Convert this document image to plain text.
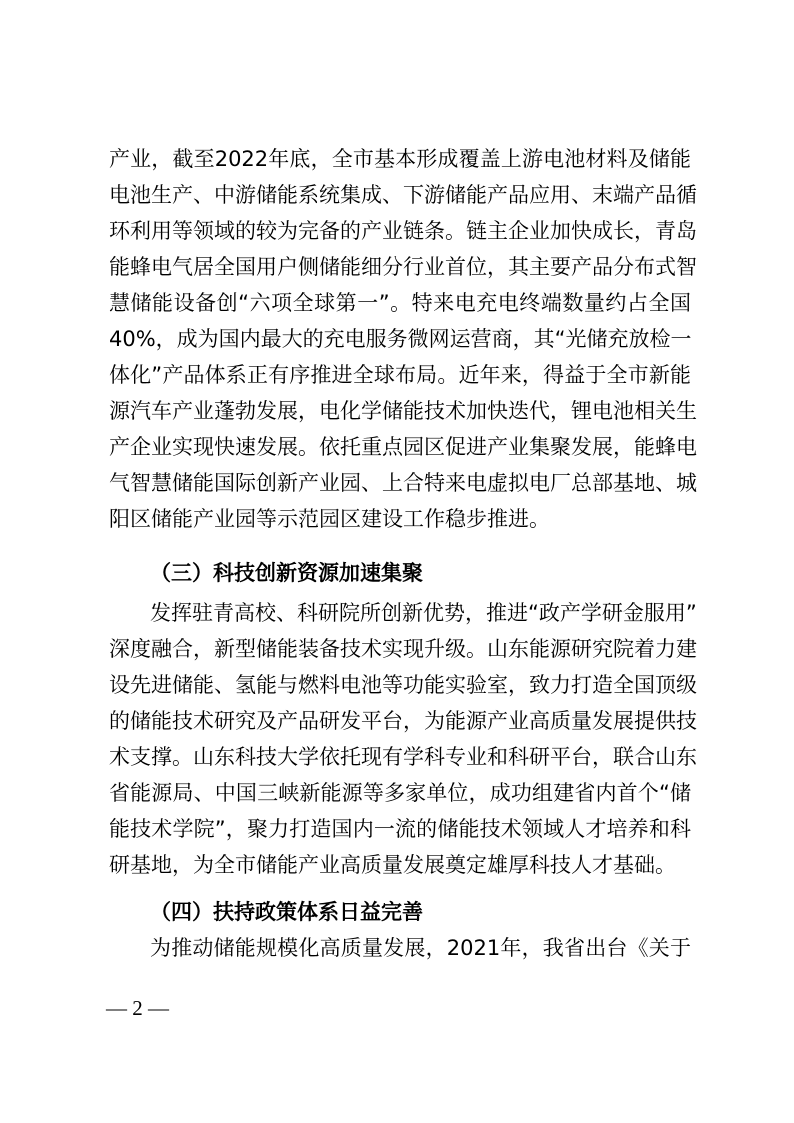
产业，截至2022年底，全市基本形成覆盖上游电池材料及储能
电池生产、中游储能系统集成、下游储能产品应用、末端产品循
环利用等领域的较为完备的产业链条。链主企业加快成长，青岛
能蜂电气居全国用户侧储能细分行业首位，其主要产品分布式智
慧储能设备创“六项全球第一”。特来电充电终端数量约占全国
40%，成为国内最大的充电服务微网运营商，其“光储充放检一
体化”产品体系正有序推进全球布局。近年来，得益于全市新能
源汽车产业蓬勃发展，电化学储能技术加快迭代，锂电池相关生
产企业实现快速发展。依托重点园区促进产业集聚发展，能蜂电
气智慧储能国际创新产业园、上合特来电虚拟电厂总部基地、城
阳区储能产业园等示范园区建设工作稳步推进。
（三）科技创新资源加速集聚
发挥驻青高校、科研院所创新优势，推进“政产学研金服用”
深度融合，新型储能装备技术实现升级。山东能源研究院着力建
设先进储能、氢能与燃料电池等功能实验室，致力打造全国顶级
的储能技术研究及产品研发平台，为能源产业高质量发展提供技
术支撑。山东科技大学依托现有学科专业和科研平台，联合山东
省能源局、中国三峡新能源等多家单位，成功组建省内首个“储
能技术学院”，聚力打造国内一流的储能技术领域人才培养和科
研基地，为全市储能产业高质量发展奠定雄厚科技人才基础。
（四）扶持政策体系日益完善
为推动储能规模化高质量发展，2021年，我省出台《关于
— 2 —
